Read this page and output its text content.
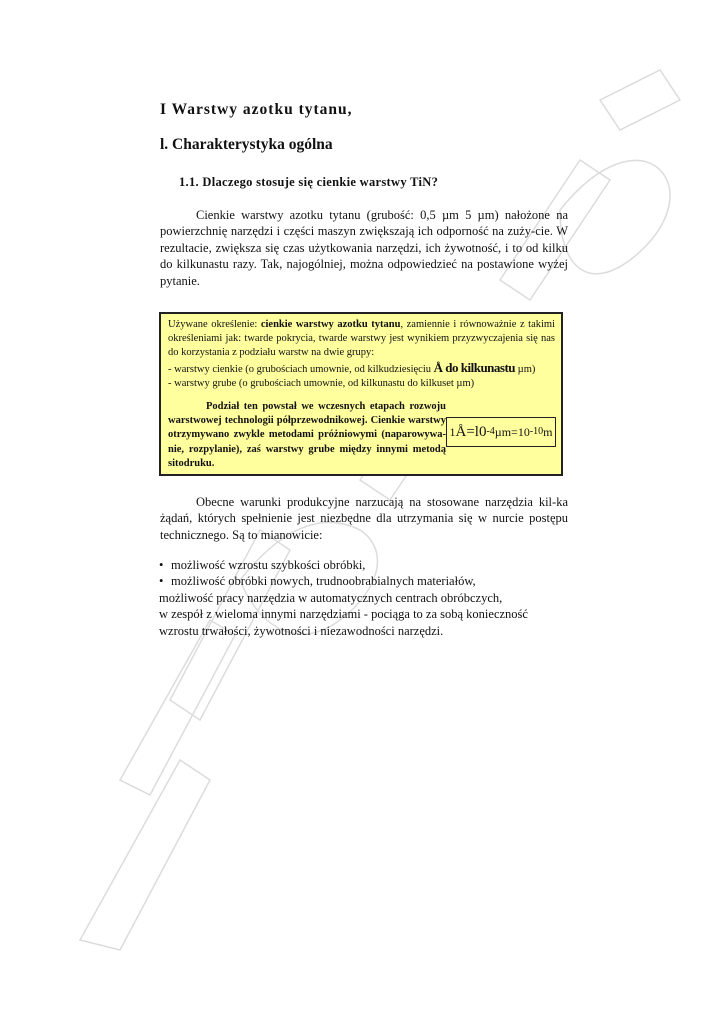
I Warstwy azotku tytanu,
l. Charakterystyka ogólna
1.1. Dlaczego stosuje się cienkie warstwy TiN?

Cienkie warstwy azotku tytanu (grubość: 0,5 µm 5 µm) nałożone na powierzchnię narzędzi i części maszyn zwiększają ich odporność na zuży-cie. W rezultacie, zwiększa się czas użytkowania narzędzi, ich żywotność, i to od kilku do kilkunastu razy. Tak, najogólniej, można odpowiedzieć na postawione wyżej pytanie.

Używane określenie: cienkie warstwy azotku tytanu, zamiennie i równoważnie z takimi określeniami jak: twarde pokrycia, twarde warstwy jest wynikiem przyzwyczajenia się nas do korzystania z podziału warstw na dwie grupy:

- warstwy cienkie (o grubościach umownie, od kilkudziesięciu Å do kilkunastu µm)

- warstwy grube (o grubościach umownie, od kilkunastu do kilkuset µm)

Podział ten powstał we wczesnych etapach rozwoju warstwowej technologii półprzewodnikowej. Cienkie warstwy otrzymywano zwykle metodami próżniowymi (naparowywa-nie, rozpylanie), zaś warstwy grube między innymi metodą sitodruku.

1 Å=l0 -4 µm=10 -10 m

Obecne warunki produkcyjne narzucają na stosowane narzędzia kil-ka żądań, których spełnienie jest niezbędne dla utrzymania się w nurcie postępu technicznego. Są to mianowicie:

• możliwość wzrostu szybkości obróbki,
• możliwość obróbki nowych, trudnoobrabialnych materiałów,
możliwość pracy narzędzia w automatycznych centrach obróbczych,
w zespół z wieloma innymi narzędziami - pociąga to za sobą konieczność
wzrostu trwałości, żywotności i niezawodności narzędzi.
